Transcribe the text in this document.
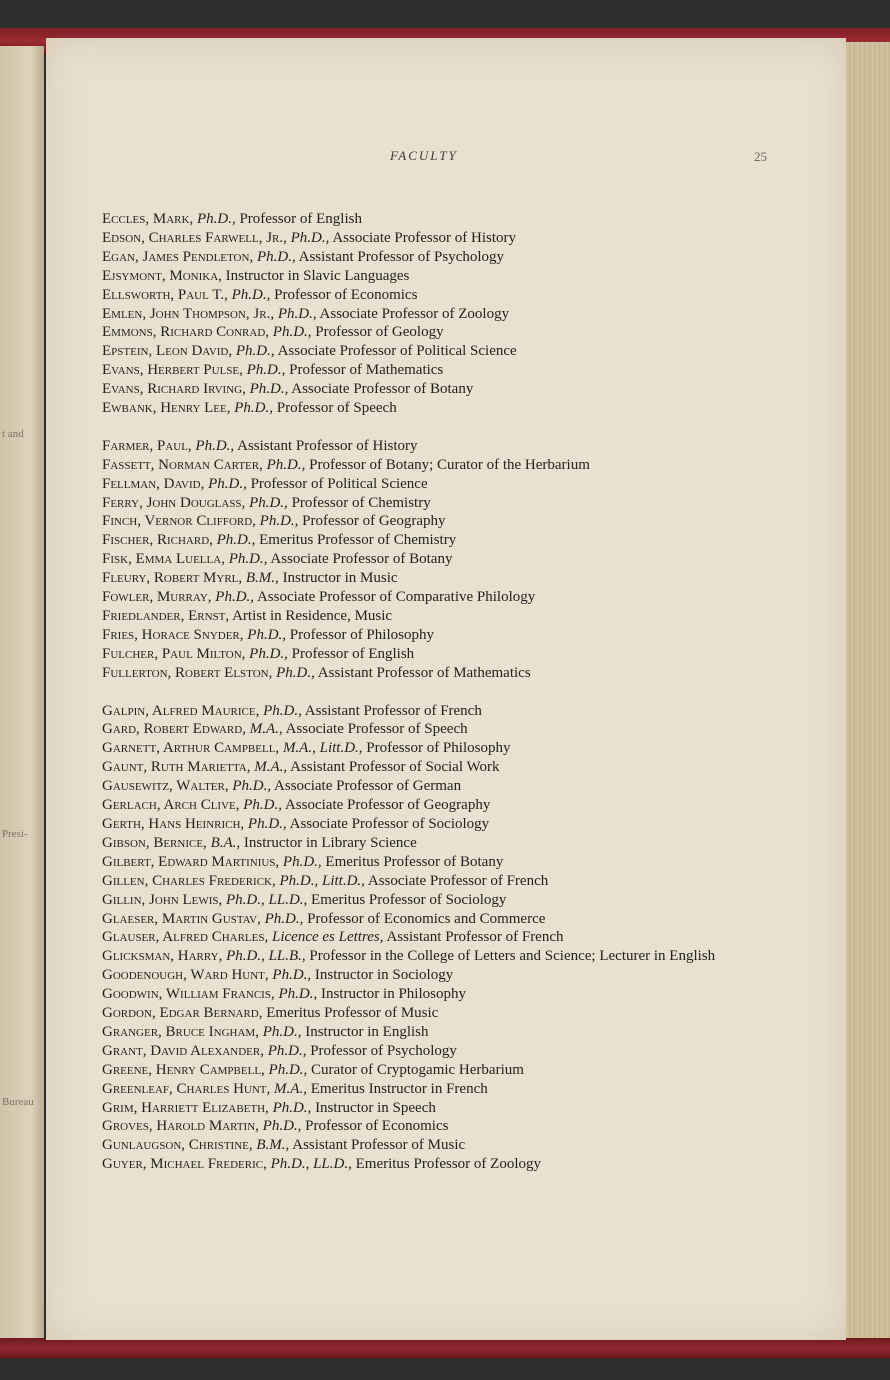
t and
Presi-
Bureau
FACULTY	25
Eccles, Mark, Ph.D., Professor of English
Edson, Charles Farwell, Jr., Ph.D., Associate Professor of History
Egan, James Pendleton, Ph.D., Assistant Professor of Psychology
Ejsymont, Monika, Instructor in Slavic Languages
Ellsworth, Paul T., Ph.D., Professor of Economics
Emlen, John Thompson, Jr., Ph.D., Associate Professor of Zoology
Emmons, Richard Conrad, Ph.D., Professor of Geology
Epstein, Leon David, Ph.D., Associate Professor of Political Science
Evans, Herbert Pulse, Ph.D., Professor of Mathematics
Evans, Richard Irving, Ph.D., Associate Professor of Botany
Ewbank, Henry Lee, Ph.D., Professor of Speech
Farmer, Paul, Ph.D., Assistant Professor of History
Fassett, Norman Carter, Ph.D., Professor of Botany; Curator of the Herbarium
Fellman, David, Ph.D., Professor of Political Science
Ferry, John Douglass, Ph.D., Professor of Chemistry
Finch, Vernor Clifford, Ph.D., Professor of Geography
Fischer, Richard, Ph.D., Emeritus Professor of Chemistry
Fisk, Emma Luella, Ph.D., Associate Professor of Botany
Fleury, Robert Myrl, B.M., Instructor in Music
Fowler, Murray, Ph.D., Associate Professor of Comparative Philology
Friedlander, Ernst, Artist in Residence, Music
Fries, Horace Snyder, Ph.D., Professor of Philosophy
Fulcher, Paul Milton, Ph.D., Professor of English
Fullerton, Robert Elston, Ph.D., Assistant Professor of Mathematics
Galpin, Alfred Maurice, Ph.D., Assistant Professor of French
Gard, Robert Edward, M.A., Associate Professor of Speech
Garnett, Arthur Campbell, M.A., Litt.D., Professor of Philosophy
Gaunt, Ruth Marietta, M.A., Assistant Professor of Social Work
Gausewitz, Walter, Ph.D., Associate Professor of German
Gerlach, Arch Clive, Ph.D., Associate Professor of Geography
Gerth, Hans Heinrich, Ph.D., Associate Professor of Sociology
Gibson, Bernice, B.A., Instructor in Library Science
Gilbert, Edward Martinius, Ph.D., Emeritus Professor of Botany
Gillen, Charles Frederick, Ph.D., Litt.D., Associate Professor of French
Gillin, John Lewis, Ph.D., LL.D., Emeritus Professor of Sociology
Glaeser, Martin Gustav, Ph.D., Professor of Economics and Commerce
Glauser, Alfred Charles, Licence es Lettres, Assistant Professor of French
Glicksman, Harry, Ph.D., LL.B., Professor in the College of Letters and Science; Lecturer in English
Goodenough, Ward Hunt, Ph.D., Instructor in Sociology
Goodwin, William Francis, Ph.D., Instructor in Philosophy
Gordon, Edgar Bernard, Emeritus Professor of Music
Granger, Bruce Ingham, Ph.D., Instructor in English
Grant, David Alexander, Ph.D., Professor of Psychology
Greene, Henry Campbell, Ph.D., Curator of Cryptogamic Herbarium
Greenleaf, Charles Hunt, M.A., Emeritus Instructor in French
Grim, Harriett Elizabeth, Ph.D., Instructor in Speech
Groves, Harold Martin, Ph.D., Professor of Economics
Gunlaugson, Christine, B.M., Assistant Professor of Music
Guyer, Michael Frederic, Ph.D., LL.D., Emeritus Professor of Zoology
